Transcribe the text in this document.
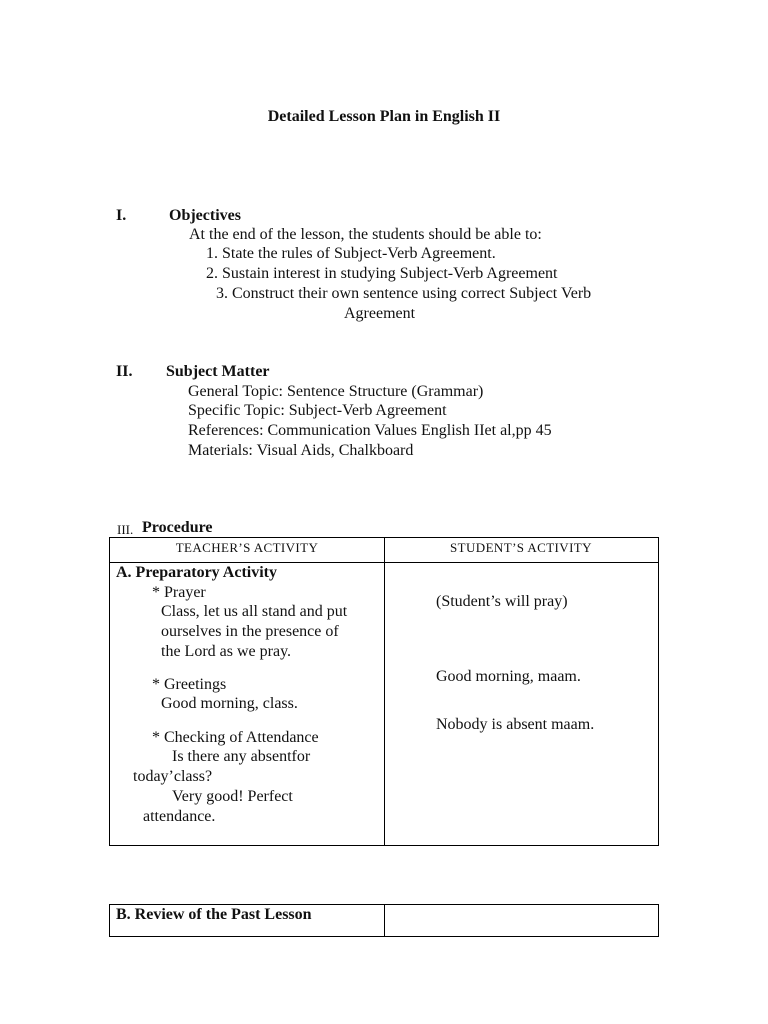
Detailed Lesson Plan in English II
I.	Objectives
At the end of the lesson, the students should be able to:
1. State the rules of Subject-Verb Agreement.
2. Sustain interest in studying Subject-Verb Agreement
3. Construct their own sentence using correct Subject Verb
Agreement
II. Subject Matter
General Topic: Sentence Structure (Grammar)
Specific Topic: Subject-Verb Agreement
References: Communication Values English IIet al,pp 45
Materials: Visual Aids, Chalkboard
III. Procedure
TEACHER’S ACTIVITY	STUDENT’S ACTIVITY
A. Preparatory Activity
* Prayer
Class, let us all stand and put
ourselves in the presence of
the Lord as we pray.
* Greetings
Good morning, class.
* Checking of Attendance
Is there any absentfor
today’class?
Very good! Perfect
attendance.
(Student’s will pray)
Good morning, maam.
Nobody is absent maam.
B. Review of the Past Lesson
